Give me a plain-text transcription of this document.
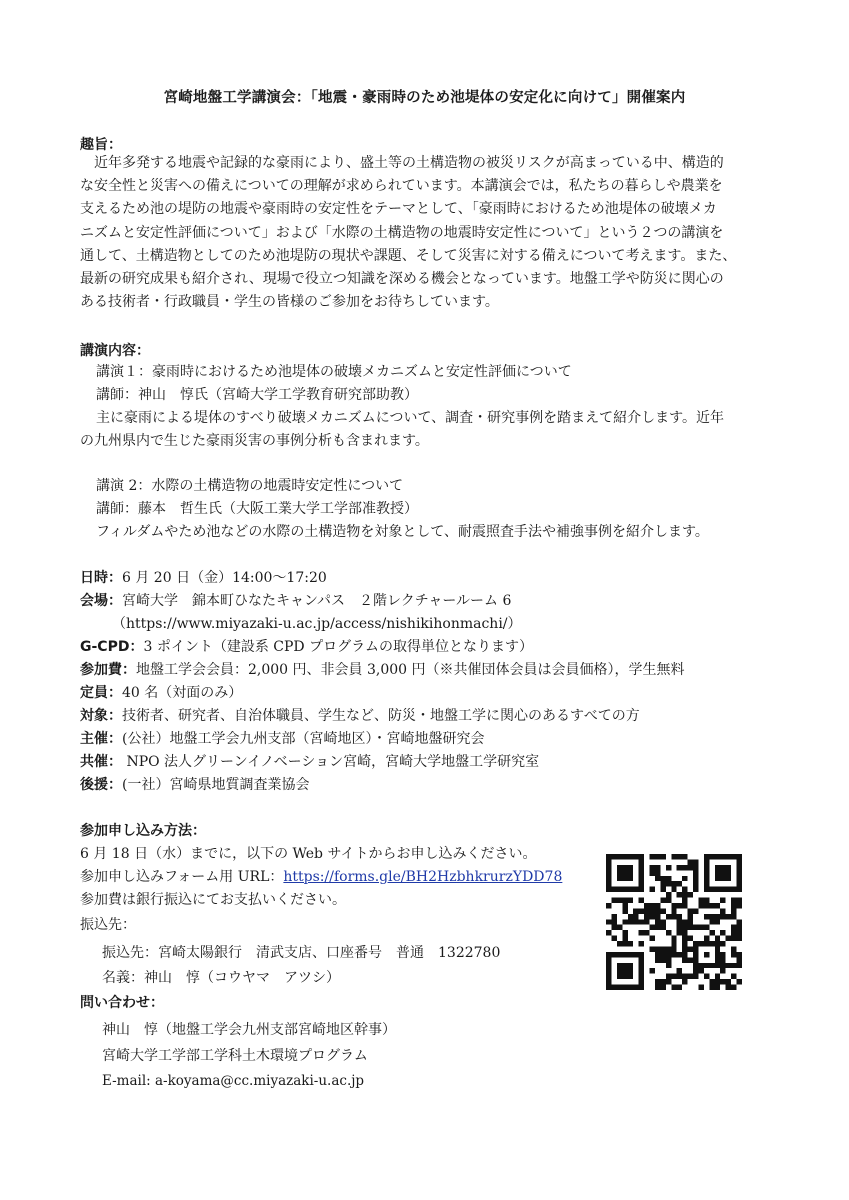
宮崎地盤工学講演会：「地震・豪雨時のため池堤体の安定化に向けて」開催案内
趣旨：
　近年多発する地震や記録的な豪雨により、盛土等の土構造物の被災リスクが高まっている中、構造的
な安全性と災害への備えについての理解が求められています。本講演会では，私たちの暮らしや農業を
支えるため池の堤防の地震や豪雨時の安定性をテーマとして、「豪雨時におけるため池堤体の破壊メカ
ニズムと安定性評価について」および「水際の土構造物の地震時安定性について」という２つの講演を
通して、土構造物としてのため池堤防の現状や課題、そして災害に対する備えについて考えます。また、
最新の研究成果も紹介され、現場で役立つ知識を深める機会となっています。地盤工学や防災に関心の
ある技術者・行政職員・学生の皆様のご参加をお待ちしています。
講演内容：
講演１：豪雨時におけるため池堤体の破壊メカニズムと安定性評価について
講師：神山　惇氏（宮崎大学工学教育研究部助教）
主に豪雨による堤体のすべり破壊メカニズムについて、調査・研究事例を踏まえて紹介します。近年
の九州県内で生じた豪雨災害の事例分析も含まれます。
講演 2：水際の土構造物の地震時安定性について
講師：藤本　哲生氏（大阪工業大学工学部准教授）
フィルダムやため池などの水際の土構造物を対象として、耐震照査手法や補強事例を紹介します。
日時：6 月 20 日（金）14:00～17:20
会場：宮崎大学　錦本町ひなたキャンパス　２階レクチャールーム 6
（https://www.miyazaki-u.ac.jp/access/nishikihonmachi/）
G-CPD：3 ポイント（建設系 CPD プログラムの取得単位となります）
参加費：地盤工学会会員：2,000 円、非会員 3,000 円（※共催団体会員は会員価格），学生無料
定員：40 名（対面のみ）
対象：技術者、研究者、自治体職員、学生など、防災・地盤工学に関心のあるすべての方
主催：(公社）地盤工学会九州支部（宮崎地区）・宮崎地盤研究会
共催： NPO 法人グリーンイノベーション宮崎，宮崎大学地盤工学研究室
後援：(一社）宮崎県地質調査業協会
参加申し込み方法：
6 月 18 日（水）までに，以下の Web サイトからお申し込みください。
参加申し込みフォーム用 URL：https://forms.gle/BH2HzbhkrurzYDD78
参加費は銀行振込にてお支払いください。
振込先：
振込先：宮崎太陽銀行　清武支店、口座番号　普通　1322780
名義：神山　惇（コウヤマ　アツシ）
問い合わせ：
神山　惇（地盤工学会九州支部宮崎地区幹事）
宮崎大学工学部工学科土木環境プログラム
E-mail: a-koyama@cc.miyazaki-u.ac.jp
